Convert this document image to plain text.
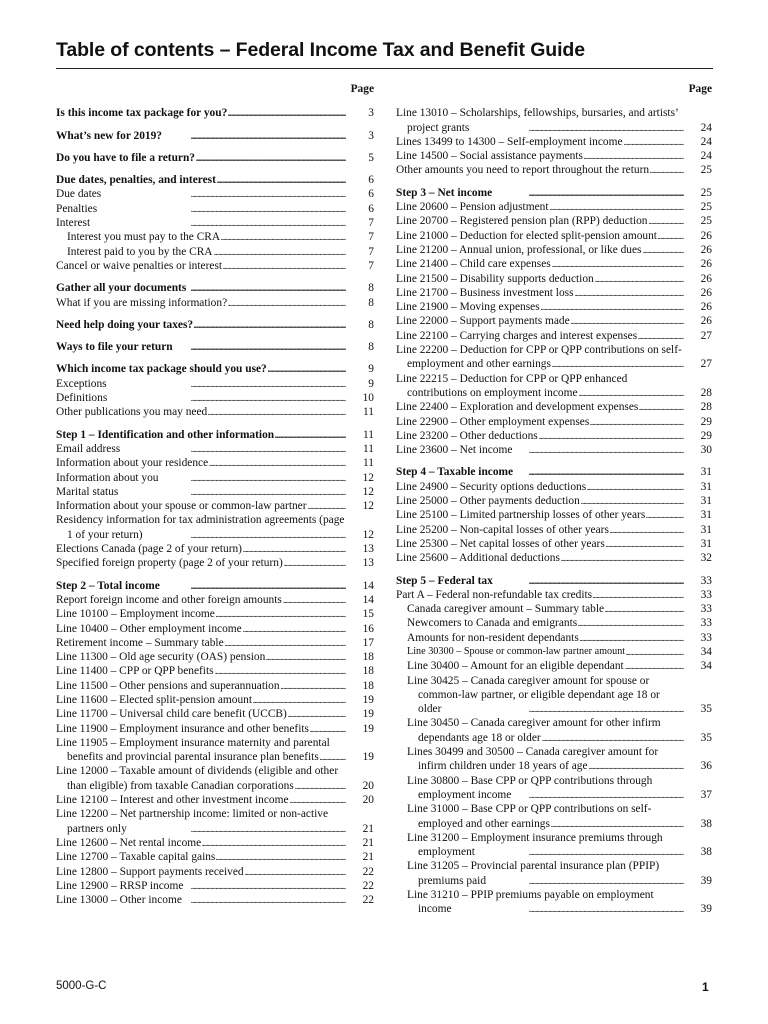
Table of contents – Federal Income Tax and Benefit Guide
Page
Is this income tax package for you? . . .	3
What’s new for 2019? . . .	3
Do you have to file a return? . . .	5
Due dates, penalties, and interest . . .	6
Due dates . . .	6
Penalties . . .	6
Interest . . .	7
Interest you must pay to the CRA . . .	7
Interest paid to you by the CRA . . .	7
Cancel or waive penalties or interest . . .	7
Gather all your documents . . .	8
What if you are missing information? . . .	8
Need help doing your taxes? . . .	8
Ways to file your return . . .	8
Which income tax package should you use? . . .	9
Exceptions . . .	9
Definitions . . .	10
Other publications you may need . . .	11
Step 1 – Identification and other information . . .	11
Email address . . .	11
Information about your residence . . .	11
Information about you . . .	12
Marital status . . .	12
Information about your spouse or common-law partner . . .	12
Residency information for tax administration agreements (page 1 of your return) . . .	12
Elections Canada (page 2 of your return) . . .	13
Specified foreign property (page 2 of your return) . . .	13
Step 2 – Total income . . .	14
Report foreign income and other foreign amounts . . .	14
Line 10100 – Employment income . . .	15
Line 10400 – Other employment income . . .	16
Retirement income – Summary table . . .	17
Line 11300 – Old age security (OAS) pension . . .	18
Line 11400 – CPP or QPP benefits . . .	18
Line 11500 – Other pensions and superannuation . . .	18
Line 11600 – Elected split-pension amount . . .	19
Line 11700 – Universal child care benefit (UCCB) . . .	19
Line 11900 – Employment insurance and other benefits . . .	19
Line 11905 – Employment insurance maternity and parental benefits and provincial parental insurance plan benefits . . .	19
Line 12000 – Taxable amount of dividends (eligible and other than eligible) from taxable Canadian corporations . . .	20
Line 12100 – Interest and other investment income . . .	20
Line 12200 – Net partnership income: limited or non-active partners only . . .	21
Line 12600 – Net rental income . . .	21
Line 12700 – Taxable capital gains . . .	21
Line 12800 – Support payments received . . .	22
Line 12900 – RRSP income . . .	22
Line 13000 – Other income . . .	22
Page
Line 13010 – Scholarships, fellowships, bursaries, and artists’ project grants . . .	24
Lines 13499 to 14300 – Self-employment income . . .	24
Line 14500 – Social assistance payments . . .	24
Other amounts you need to report throughout the return . . .	25
Step 3 – Net income . . .	25
Line 20600 – Pension adjustment . . .	25
Line 20700 – Registered pension plan (RPP) deduction . . .	25
Line 21000 – Deduction for elected split-pension amount . . .	26
Line 21200 – Annual union, professional, or like dues . . .	26
Line 21400 – Child care expenses . . .	26
Line 21500 – Disability supports deduction . . .	26
Line 21700 – Business investment loss . . .	26
Line 21900 – Moving expenses . . .	26
Line 22000 – Support payments made . . .	26
Line 22100 – Carrying charges and interest expenses . . .	27
Line 22200 – Deduction for CPP or QPP contributions on self-employment and other earnings . . .	27
Line 22215 – Deduction for CPP or QPP enhanced contributions on employment income . . .	28
Line 22400 – Exploration and development expenses . . .	28
Line 22900 – Other employment expenses . . .	29
Line 23200 – Other deductions . . .	29
Line 23600 – Net income . . .	30
Step 4 – Taxable income . . .	31
Line 24900 – Security options deductions . . .	31
Line 25000 – Other payments deduction . . .	31
Line 25100 – Limited partnership losses of other years . . .	31
Line 25200 – Non-capital losses of other years . . .	31
Line 25300 – Net capital losses of other years . . .	31
Line 25600 – Additional deductions . . .	32
Step 5 – Federal tax . . .	33
Part A – Federal non-refundable tax credits . . .	33
Canada caregiver amount – Summary table . . .	33
Newcomers to Canada and emigrants . . .	33
Amounts for non-resident dependants . . .	33
Line 30300 – Spouse or common-law partner amount . . .	34
Line 30400 – Amount for an eligible dependant . . .	34
Line 30425 – Canada caregiver amount for spouse or common-law partner, or eligible dependant age 18 or older . . .	35
Line 30450 – Canada caregiver amount for other infirm dependants age 18 or older . . .	35
Lines 30499 and 30500 – Canada caregiver amount for infirm children under 18 years of age . . .	36
Line 30800 – Base CPP or QPP contributions through employment income . . .	37
Line 31000 – Base CPP or QPP contributions on self-employed and other earnings . . .	38
Line 31200 – Employment insurance premiums through employment . . .	38
Line 31205 – Provincial parental insurance plan (PPIP) premiums paid . . .	39
Line 31210 – PPIP premiums payable on employment income . . .	39
5000-G-C	1
